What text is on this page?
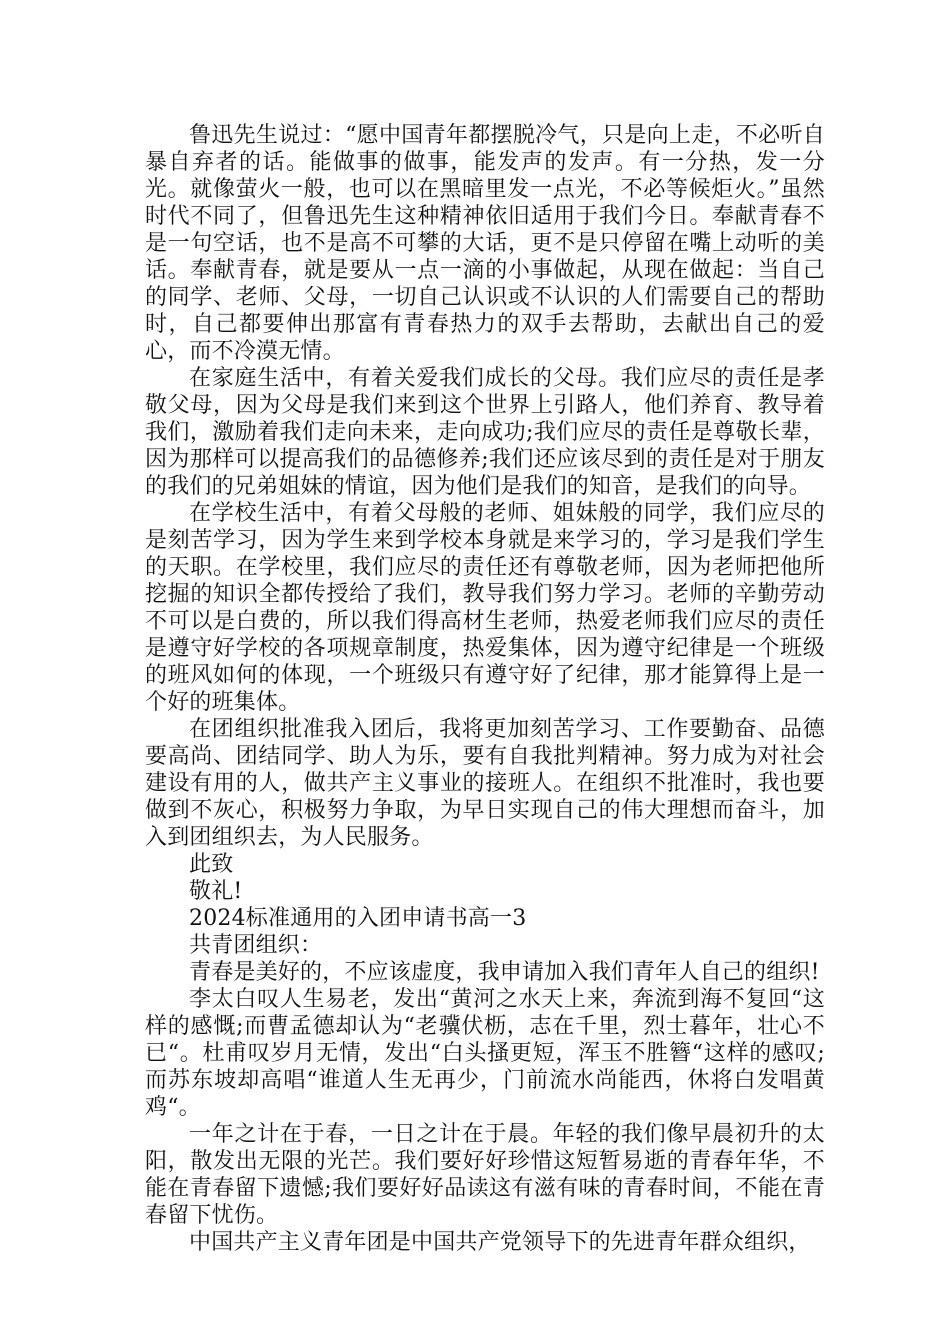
鲁迅先生说过：“愿中国青年都摆脱冷气，只是向上走，不必听自暴自弃者的话。能做事的做事，能发声的发声。有一分热，发一分光。就像萤火一般，也可以在黑暗里发一点光，不必等候炬火。”虽然时代不同了，但鲁迅先生这种精神依旧适用于我们今日。奉献青春不是一句空话，也不是高不可攀的大话，更不是只停留在嘴上动听的美话。奉献青春，就是要从一点一滴的小事做起，从现在做起：当自己的同学、老师、父母，一切自己认识或不认识的人们需要自己的帮助时，自己都要伸出那富有青春热力的双手去帮助，去献出自己的爱心，而不冷漠无情。

在家庭生活中，有着关爱我们成长的父母。我们应尽的责任是孝敬父母，因为父母是我们来到这个世界上引路人，他们养育、教导着我们，激励着我们走向未来，走向成功;我们应尽的责任是尊敬长辈，因为那样可以提高我们的品德修养;我们还应该尽到的责任是对于朋友的我们的兄弟姐妹的情谊，因为他们是我们的知音，是我们的向导。

在学校生活中，有着父母般的老师、姐妹般的同学，我们应尽的是刻苦学习，因为学生来到学校本身就是来学习的，学习是我们学生的天职。在学校里，我们应尽的责任还有尊敬老师，因为老师把他所挖掘的知识全都传授给了我们，教导我们努力学习。老师的辛勤劳动不可以是白费的，所以我们得高材生老师，热爱老师我们应尽的责任是遵守好学校的各项规章制度，热爱集体，因为遵守纪律是一个班级的班风如何的体现，一个班级只有遵守好了纪律，那才能算得上是一个好的班集体。

在团组织批准我入团后，我将更加刻苦学习、工作要勤奋、品德要高尚、团结同学、助人为乐，要有自我批判精神。努力成为对社会建设有用的人，做共产主义事业的接班人。在组织不批准时，我也要做到不灰心，积极努力争取，为早日实现自己的伟大理想而奋斗，加入到团组织去，为人民服务。

此致

敬礼!

2024标准通用的入团申请书高一3

共青团组织：

青春是美好的，不应该虚度，我申请加入我们青年人自己的组织!

李太白叹人生易老，发出“黄河之水天上来，奔流到海不复回“这样的感慨;而曹孟德却认为“老骥伏枥，志在千里，烈士暮年，壮心不已“。杜甫叹岁月无情，发出“白头搔更短，浑玉不胜簪“这样的感叹;而苏东坡却高唱“谁道人生无再少，门前流水尚能西，休将白发唱黄鸡“。

一年之计在于春，一日之计在于晨。年轻的我们像早晨初升的太阳，散发出无限的光芒。我们要好好珍惜这短暂易逝的青春年华，不能在青春留下遗憾;我们要好好品读这有滋有味的青春时间，不能在青春留下忧伤。

中国共产主义青年团是中国共产党领导下的先进青年群众组织，
